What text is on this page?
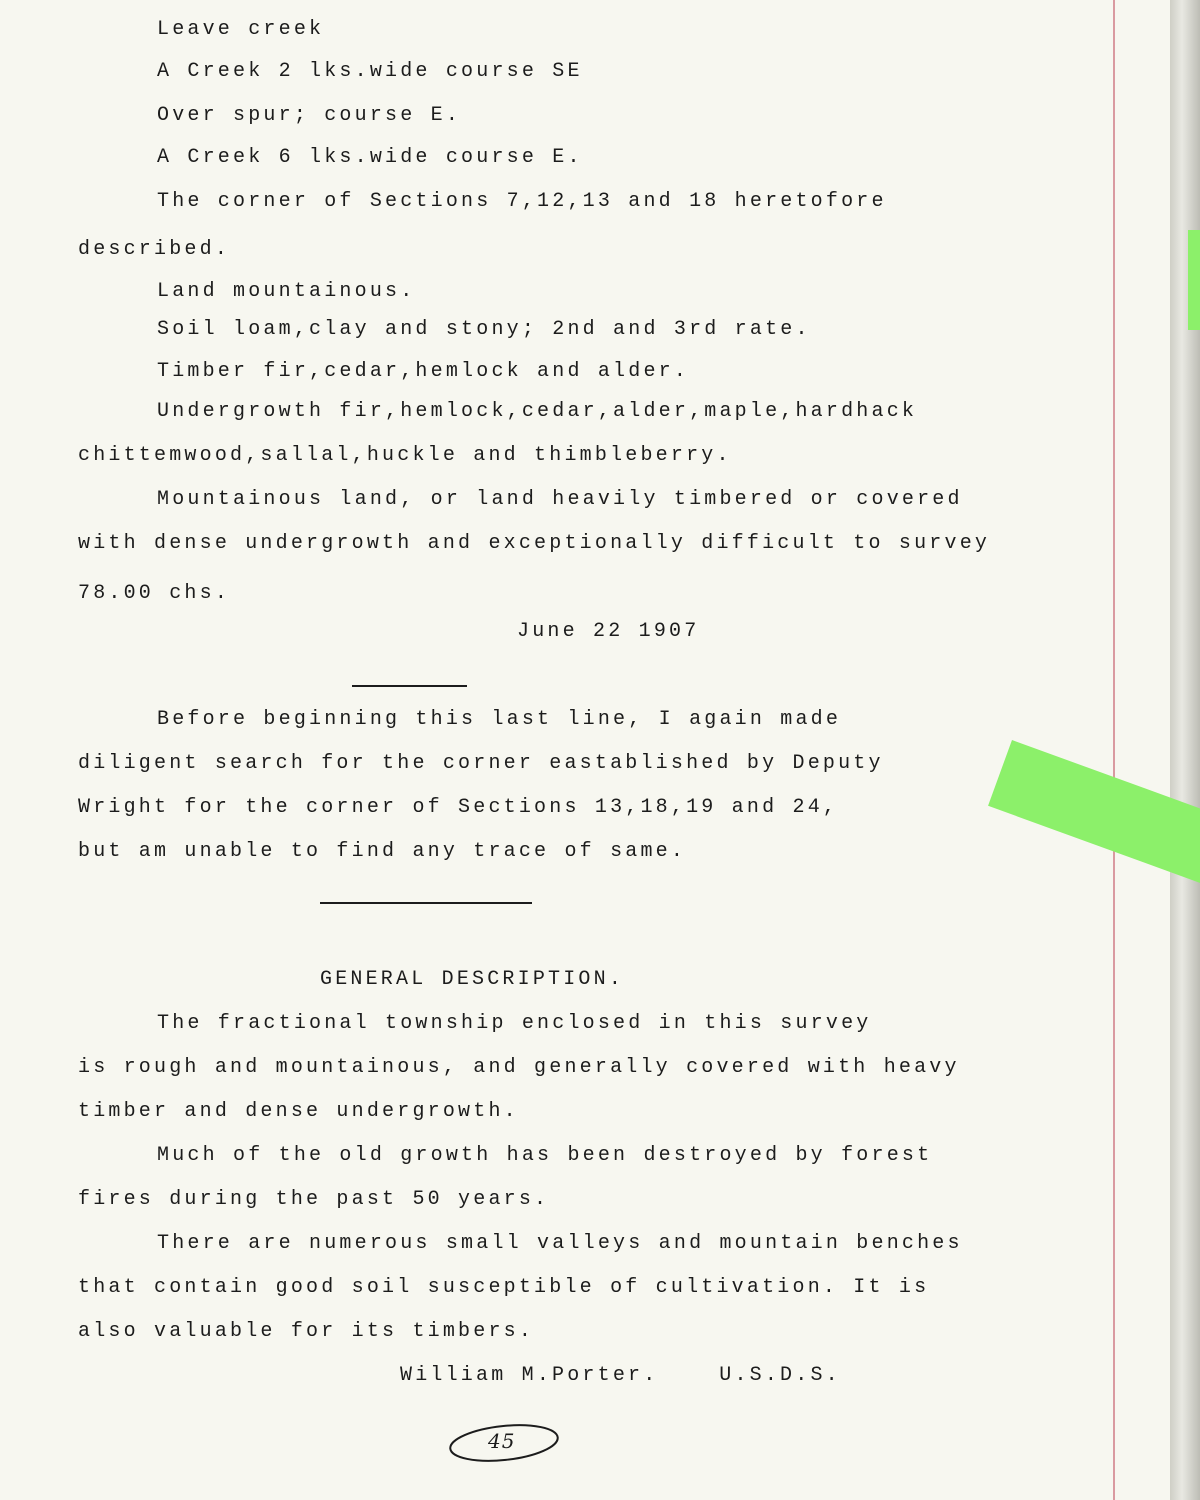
Leave creek

A Creek 2 lks.wide course SE

Over spur; course E.

A Creek 6 lks.wide course E.

The corner of Sections 7,12,13 and 18 heretofore

described.

Land mountainous.

Soil loam,clay and stony; 2nd and 3rd rate.

Timber fir,cedar,hemlock and alder.

Undergrowth fir,hemlock,cedar,alder,maple,hardhack

chittemwood,sallal,huckle and thimbleberry.

Mountainous land, or land heavily timbered or covered

with dense undergrowth and exceptionally difficult to survey

78.00 chs.

June 22 1907

Before beginning this last line, I again made

diligent search for the corner eastablished by Deputy

Wright for the corner of Sections 13,18,19 and 24,

but am unable to find any trace of same.

GENERAL DESCRIPTION.

The fractional township enclosed in this survey

is rough and mountainous, and generally covered with heavy

timber and dense undergrowth.

Much of the old growth has been destroyed by forest

fires during the past 50 years.

There are numerous small valleys and mountain benches

that contain good soil susceptible of cultivation. It is

also valuable for its timbers.

William M.Porter.    U.S.D.S.

45
